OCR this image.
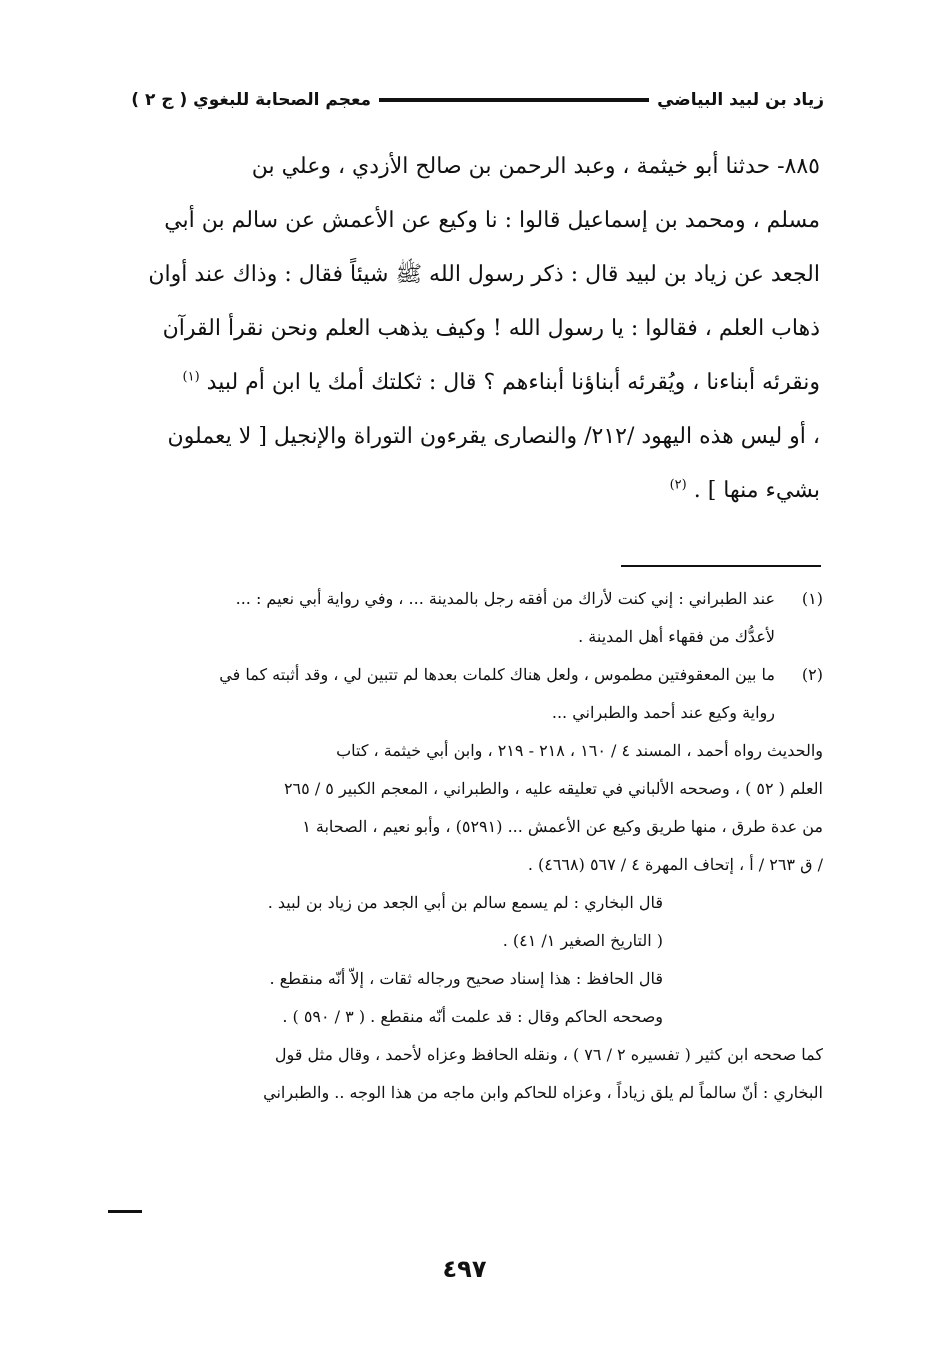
زياد بن لبيد البياضي
معجم الصحابة للبغوي ( ج ٢ )

٨٨٥- حدثنا أبو خيثمة ، وعبد الرحمن بن صالح الأزدي ، وعلي بن

مسلم ، ومحمد بن إسماعيل قالوا : نا وكيع عن الأعمش عن سالم بن أبي

الجعد عن زياد بن لبيد قال : ذكر رسول الله ﷺ شيئاً فقال : وذاك عند أوان

ذهاب العلم ، فقالوا : يا رسول الله ! وكيف يذهب العلم ونحن نقرأ القرآن

ونقرئه أبناءنا ، ويُقرئه أبناؤنا أبناءهم ؟ قال : ثكلتك أمك يا ابن أم لبيد $^{(١)}$

، أو ليس هذه اليهود /٢١٢/ والنصارى يقرءون التوراة والإنجيل [ لا يعملون

بشيء منها ] . $^{(٢)}$

(١)

عند الطبراني : إني كنت لأراك من أفقه رجل بالمدينة ... ، وفي رواية أبي نعيم : ...

لأعدُّك من فقهاء أهل المدينة .

(٢)

ما بين المعقوفتين مطموس ، ولعل هناك كلمات بعدها لم تتبين لي ، وقد أثبته كما في

رواية وكيع عند أحمد والطبراني ...

والحديث رواه أحمد ، المسند ٤ / ١٦٠ ، ٢١٨ - ٢١٩ ، وابن أبي خيثمة ، كتاب

العلم ( ٥٢ ) ، وصححه الألباني في تعليقه عليه ، والطبراني ، المعجم الكبير ٥ / ٢٦٥

من عدة طرق ، منها طريق وكيع عن الأعمش ... (٥٢٩١) ، وأبو نعيم ، الصحابة ١

/ ق ٢٦٣ / أ ، إتحاف المهرة ٤ / ٥٦٧ (٤٦٦٨) .

قال البخاري : لم يسمع سالم بن أبي الجعد من زياد بن لبيد .

( التاريخ الصغير ١/ ٤١) .

قال الحافظ : هذا إسناد صحيح ورجاله ثقات ، إلاّ أنّه منقطع .

وصححه الحاكم وقال : قد علمت أنّه منقطع . ( ٣ / ٥٩٠ ) .

كما صححه ابن كثير ( تفسيره ٢ / ٧٦ ) ، ونقله الحافظ وعزاه لأحمد ، وقال مثل قول

البخاري : أنّ سالماً لم يلق زياداً ، وعزاه للحاكم وابن ماجه من هذا الوجه .. والطبراني

٤٩٧
